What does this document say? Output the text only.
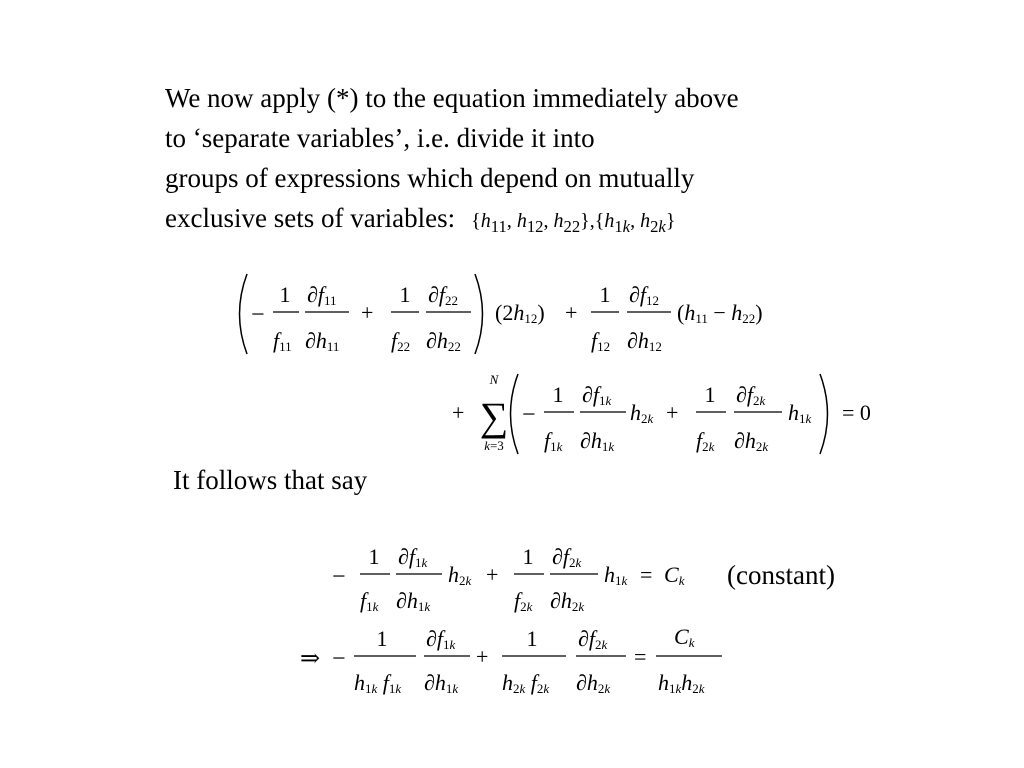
We now apply (*) to the equation immediately above
to ‘separate variables’, i.e. divide it into
groups of expressions which depend on mutually
exclusive sets of variables: {$h_{11}$, $h_{12}$, $h_{22}\},\{h_{1k}$, $h_{2k}$}
−
1
f11
∂f11
∂h11
+
1
f22
∂f22
∂h22
(2h12) +
1
f12
∂f12
∂h12
(h11 − h22)
+
N
∑
k=3
−
1
f1k
∂f1k
∂h1k
h2k +
1
f2k
∂f2k
∂h2k
h1k = 0
It follows that say
−
1
f1k
∂f1k
∂h1k
h2k +
1
f2k
∂f2k
∂h2k
h1k = Ck (constant)
⇒ −
1
h1k f1k
∂f1k
∂h1k
+
1
h2k f2k
∂f2k
∂h2k
=
Ck
h1kh2k
